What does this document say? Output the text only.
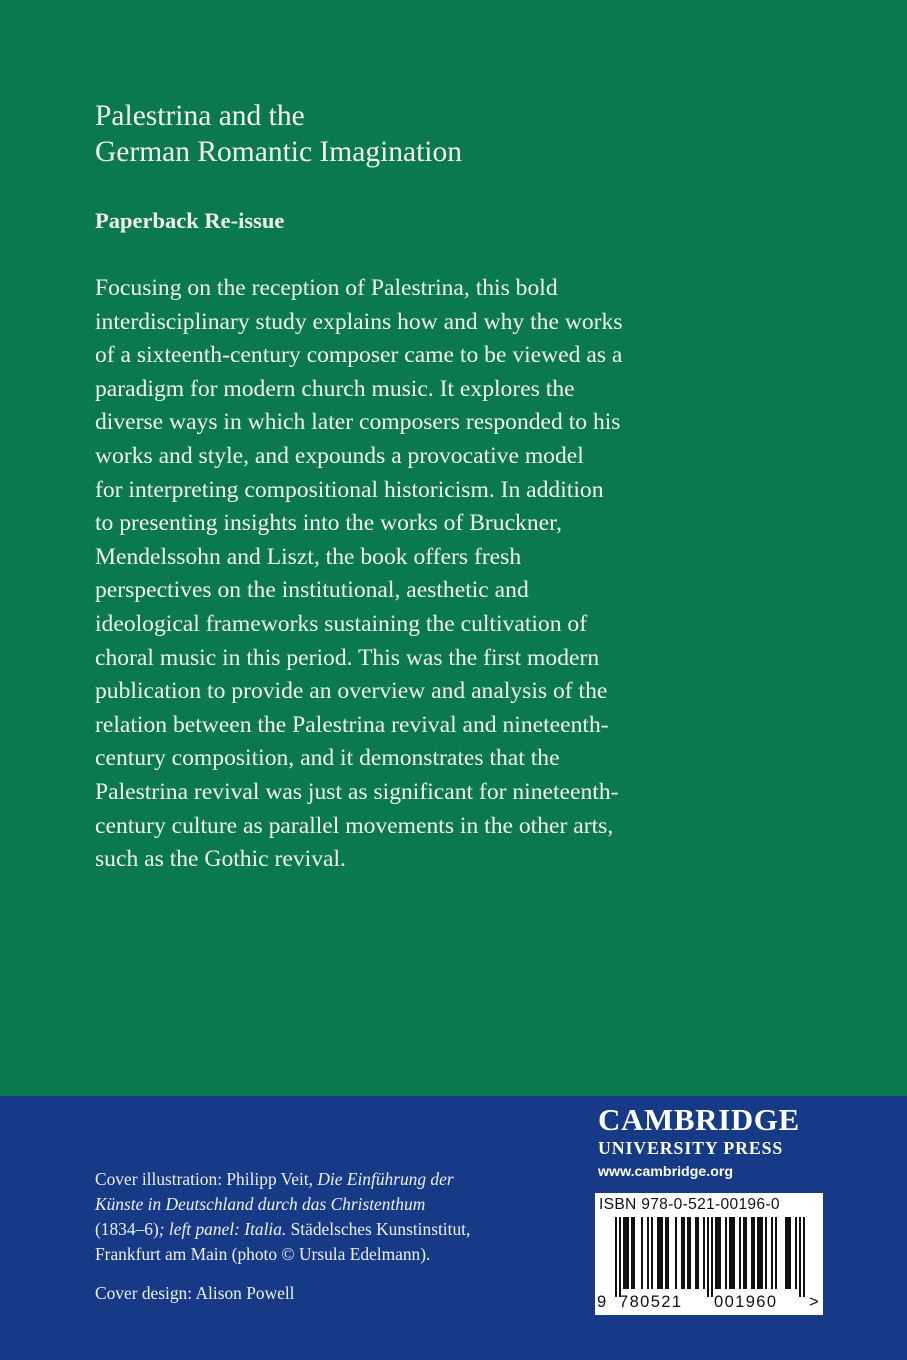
Palestrina and the
German Romantic Imagination
Paperback Re-issue
Focusing on the reception of Palestrina, this bold
interdisciplinary study explains how and why the works
of a sixteenth-century composer came to be viewed as a
paradigm for modern church music. It explores the
diverse ways in which later composers responded to his
works and style, and expounds a provocative model
for interpreting compositional historicism. In addition
to presenting insights into the works of Bruckner,
Mendelssohn and Liszt, the book offers fresh
perspectives on the institutional, aesthetic and
ideological frameworks sustaining the cultivation of
choral music in this period. This was the first modern
publication to provide an overview and analysis of the
relation between the Palestrina revival and nineteenth-
century composition, and it demonstrates that the
Palestrina revival was just as significant for nineteenth-
century culture as parallel movements in the other arts,
such as the Gothic revival.
Cover illustration: Philipp Veit, Die Einführung der
Künste in Deutschland durch das Christenthum
(1834–6); left panel: Italia. Städelsches Kunstinstitut,
Frankfurt am Main (photo © Ursula Edelmann).

Cover design: Alison Powell

CAMBRIDGE
UNIVERSITY PRESS
www.cambridge.org
ISBN 978-0-521-00196-0
9 780521 001960 >
